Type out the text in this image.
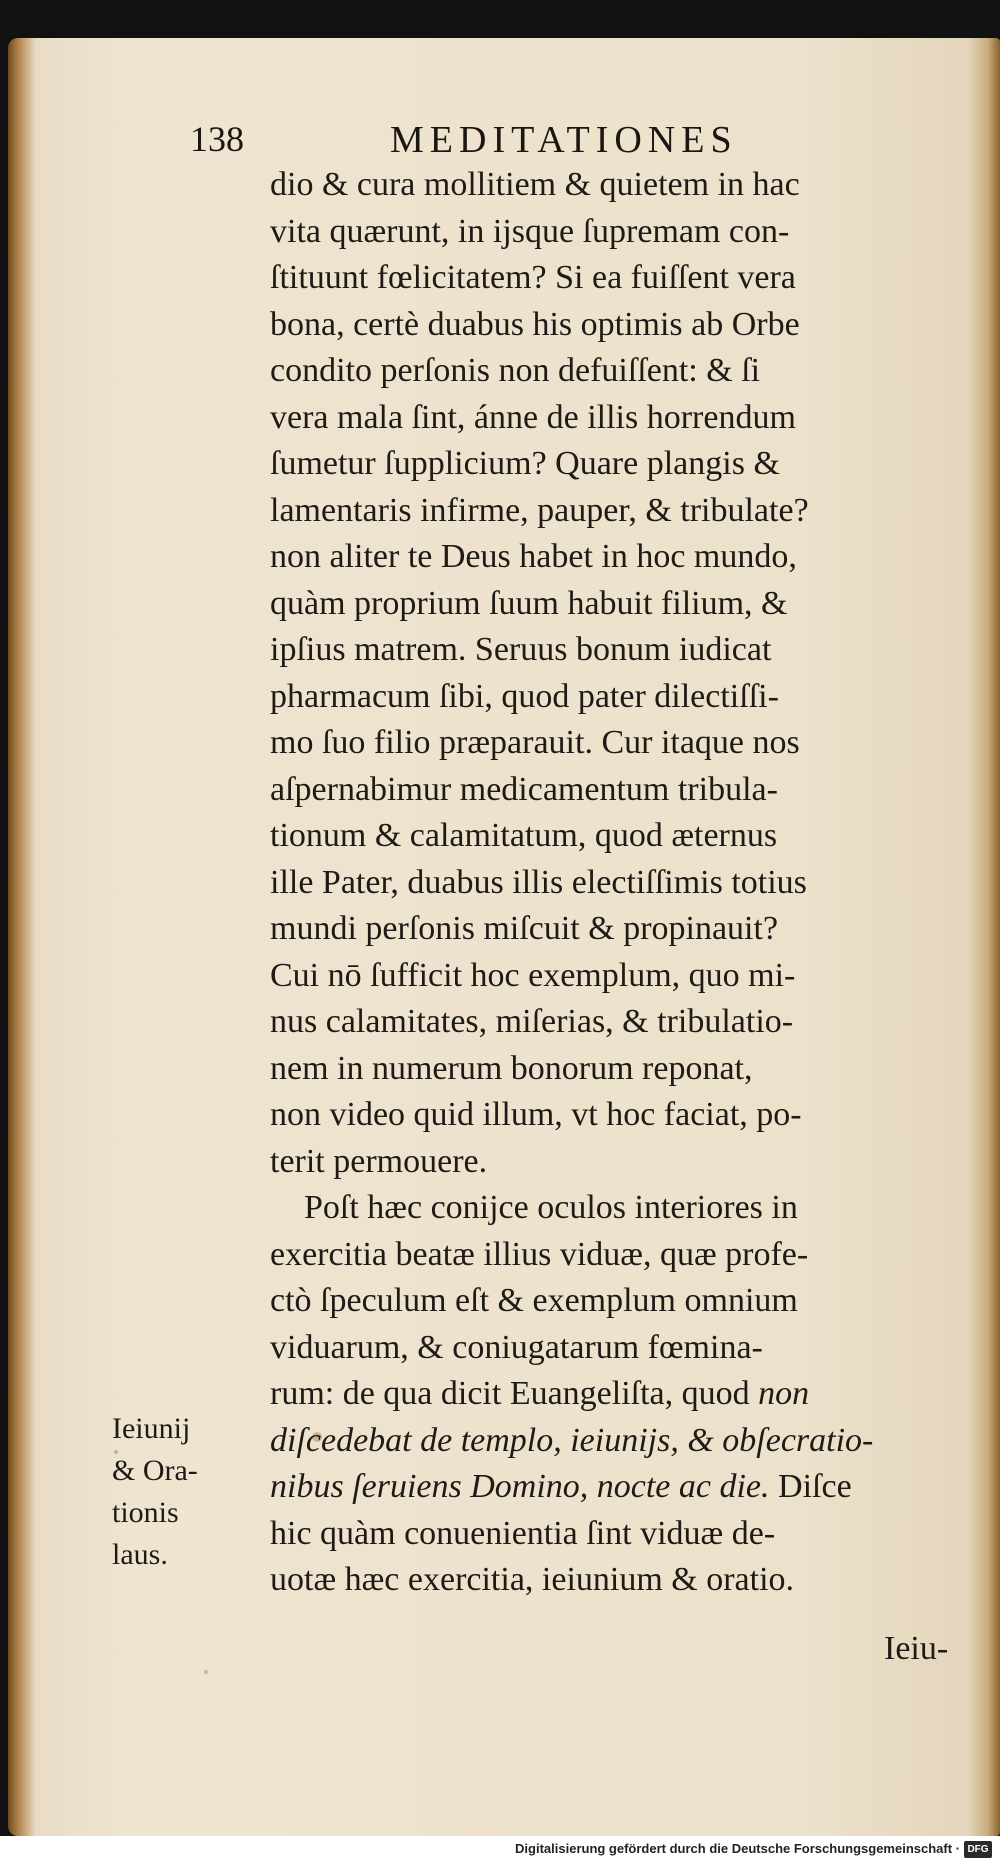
138	MEDITATIONES
dio & cura mollitiem & quietem in hac
vita quærunt, in ijsque ſupremam con-
ſtituunt fœlicitatem? Si ea fuiſſent vera
bona, certè duabus his optimis ab Orbe
condito perſonis non defuiſſent: & ſi
vera mala ſint, ánne de illis horrendum
ſumetur ſupplicium? Quare plangis &
lamentaris infirme, pauper, & tribulate?
non aliter te Deus habet in hoc mundo,
quàm proprium ſuum habuit filium, &
ipſius matrem. Seruus bonum iudicat
pharmacum ſibi, quod pater dilectiſſi-
mo ſuo filio præparauit. Cur itaque nos
aſpernabimur medicamentum tribula-
tionum & calamitatum, quod æternus
ille Pater, duabus illis electiſſimis totius
mundi perſonis miſcuit & propinauit?
Cui nō ſufficit hoc exemplum, quo mi-
nus calamitates, miſerias, & tribulatio-
nem in numerum bonorum reponat,
non video quid illum, vt hoc faciat, po-
terit permouere.
Poſt hæc conijce oculos interiores in
exercitia beatæ illius viduæ, quæ profe-
ctò ſpeculum eſt & exemplum omnium
viduarum, & coniugatarum fœmina-
rum: de qua dicit Euangeliſta, quod non
diſcedebat de templo, ieiunijs, & obſecratio-
nibus ſeruiens Domino, nocte ac die. Diſce
hic quàm conuenientia ſint viduæ de-
uotæ hæc exercitia, ieiunium & oratio.
Ieiunij
& Ora-
tionis
laus.
Ieiu-
Digitalisierung gefördert durch die Deutsche Forschungsgemeinschaft · DFG
